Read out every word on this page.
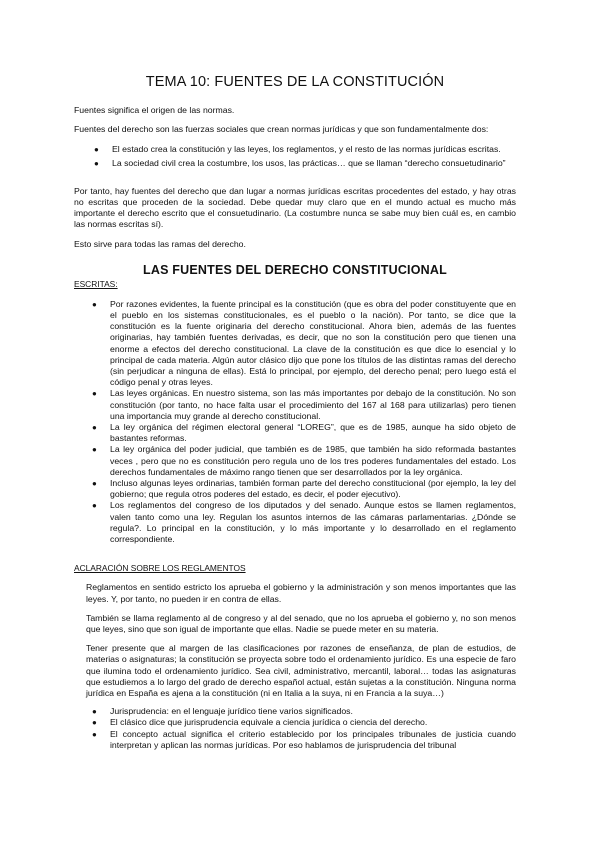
TEMA 10: FUENTES DE LA CONSTITUCIÓN

Fuentes significa el origen de las normas.

Fuentes del derecho son las fuerzas sociales que crean normas jurídicas y que son fundamentalmente dos:

● El estado crea la constitución y las leyes, los reglamentos, y el resto de las normas jurídicas escritas.
● La sociedad civil crea la costumbre, los usos, las prácticas… que se llaman “derecho consuetudinario”

Por tanto, hay fuentes del derecho que dan lugar a normas jurídicas escritas procedentes del estado, y hay otras no escritas que proceden de la sociedad. Debe quedar muy claro que en el mundo actual es mucho más importante el derecho escrito que el consuetudinario. (La costumbre nunca se sabe muy bien cuál es, en cambio las normas escritas sí).

Esto sirve para todas las ramas del derecho.

LAS FUENTES DEL DERECHO CONSTITUCIONAL
ESCRITAS:
● Por razones evidentes, la fuente principal es la constitución (que es obra del poder constituyente que en el pueblo en los sistemas constitucionales, es el pueblo o la nación). Por tanto, se dice que la constitución es la fuente originaria del derecho constitucional. Ahora bien, además de las fuentes originarias, hay también fuentes derivadas, es decir, que no son la constitución pero que tienen una enorme a efectos del derecho constitucional. La clave de la constitución es que dice lo esencial y lo principal de cada materia. Algún autor clásico dijo que pone los títulos de las distintas ramas del derecho (sin perjudicar a ninguna de ellas). Está lo principal, por ejemplo, del derecho penal; pero luego está el código penal y otras leyes.
● Las leyes orgánicas. En nuestro sistema, son las más importantes por debajo de la constitución. No son constitución (por tanto, no hace falta usar el procedimiento del 167 al 168 para utilizarlas) pero tienen una importancia muy grande al derecho constitucional.
● La ley orgánica del régimen electoral general “LOREG”, que es de 1985, aunque ha sido objeto de bastantes reformas.
● La ley orgánica del poder judicial, que también es de 1985, que también ha sido reformada bastantes veces , pero que no es constitución pero regula uno de los tres poderes fundamentales del estado. Los derechos fundamentales de máximo rango tienen que ser desarrollados por la ley orgánica.
● Incluso algunas leyes ordinarias, también forman parte del derecho constitucional (por ejemplo, la ley del gobierno; que regula otros poderes del estado, es decir, el poder ejecutivo).
● Los reglamentos del congreso de los diputados y del senado. Aunque estos se llamen reglamentos, valen tanto como una ley. Regulan los asuntos internos de las cámaras parlamentarias. ¿Dónde se regula?. Lo principal en la constitución, y lo más importante y lo desarrollado en el reglamento correspondiente.
ACLARACIÓN SOBRE LOS REGLAMENTOS

Reglamentos en sentido estricto los aprueba el gobierno y la administración y son menos importantes que las leyes. Y, por tanto, no pueden ir en contra de ellas.

También se llama reglamento al de congreso y al del senado, que no los aprueba el gobierno y, no son menos que leyes, sino que son igual de importante que ellas. Nadie se puede meter en su materia.

Tener presente que al margen de las clasificaciones por razones de enseñanza, de plan de estudios, de materias o asignaturas; la constitución se proyecta sobre todo el ordenamiento jurídico. Es una especie de faro que ilumina todo el ordenamiento jurídico. Sea civil, administrativo, mercantil, laboral… todas las asignaturas que estudiemos a lo largo del grado de derecho español actual, están sujetas a la constitución. Ninguna norma jurídica en España es ajena a la constitución (ni en Italia a la suya, ni en Francia a la suya…)

● Jurisprudencia: en el lenguaje jurídico tiene varios significados.
● El clásico dice que jurisprudencia equivale a ciencia jurídica o ciencia del derecho.
● El concepto actual significa el criterio establecido por los principales tribunales de justicia cuando interpretan y aplican las normas jurídicas. Por eso hablamos de jurisprudencia del tribunal
